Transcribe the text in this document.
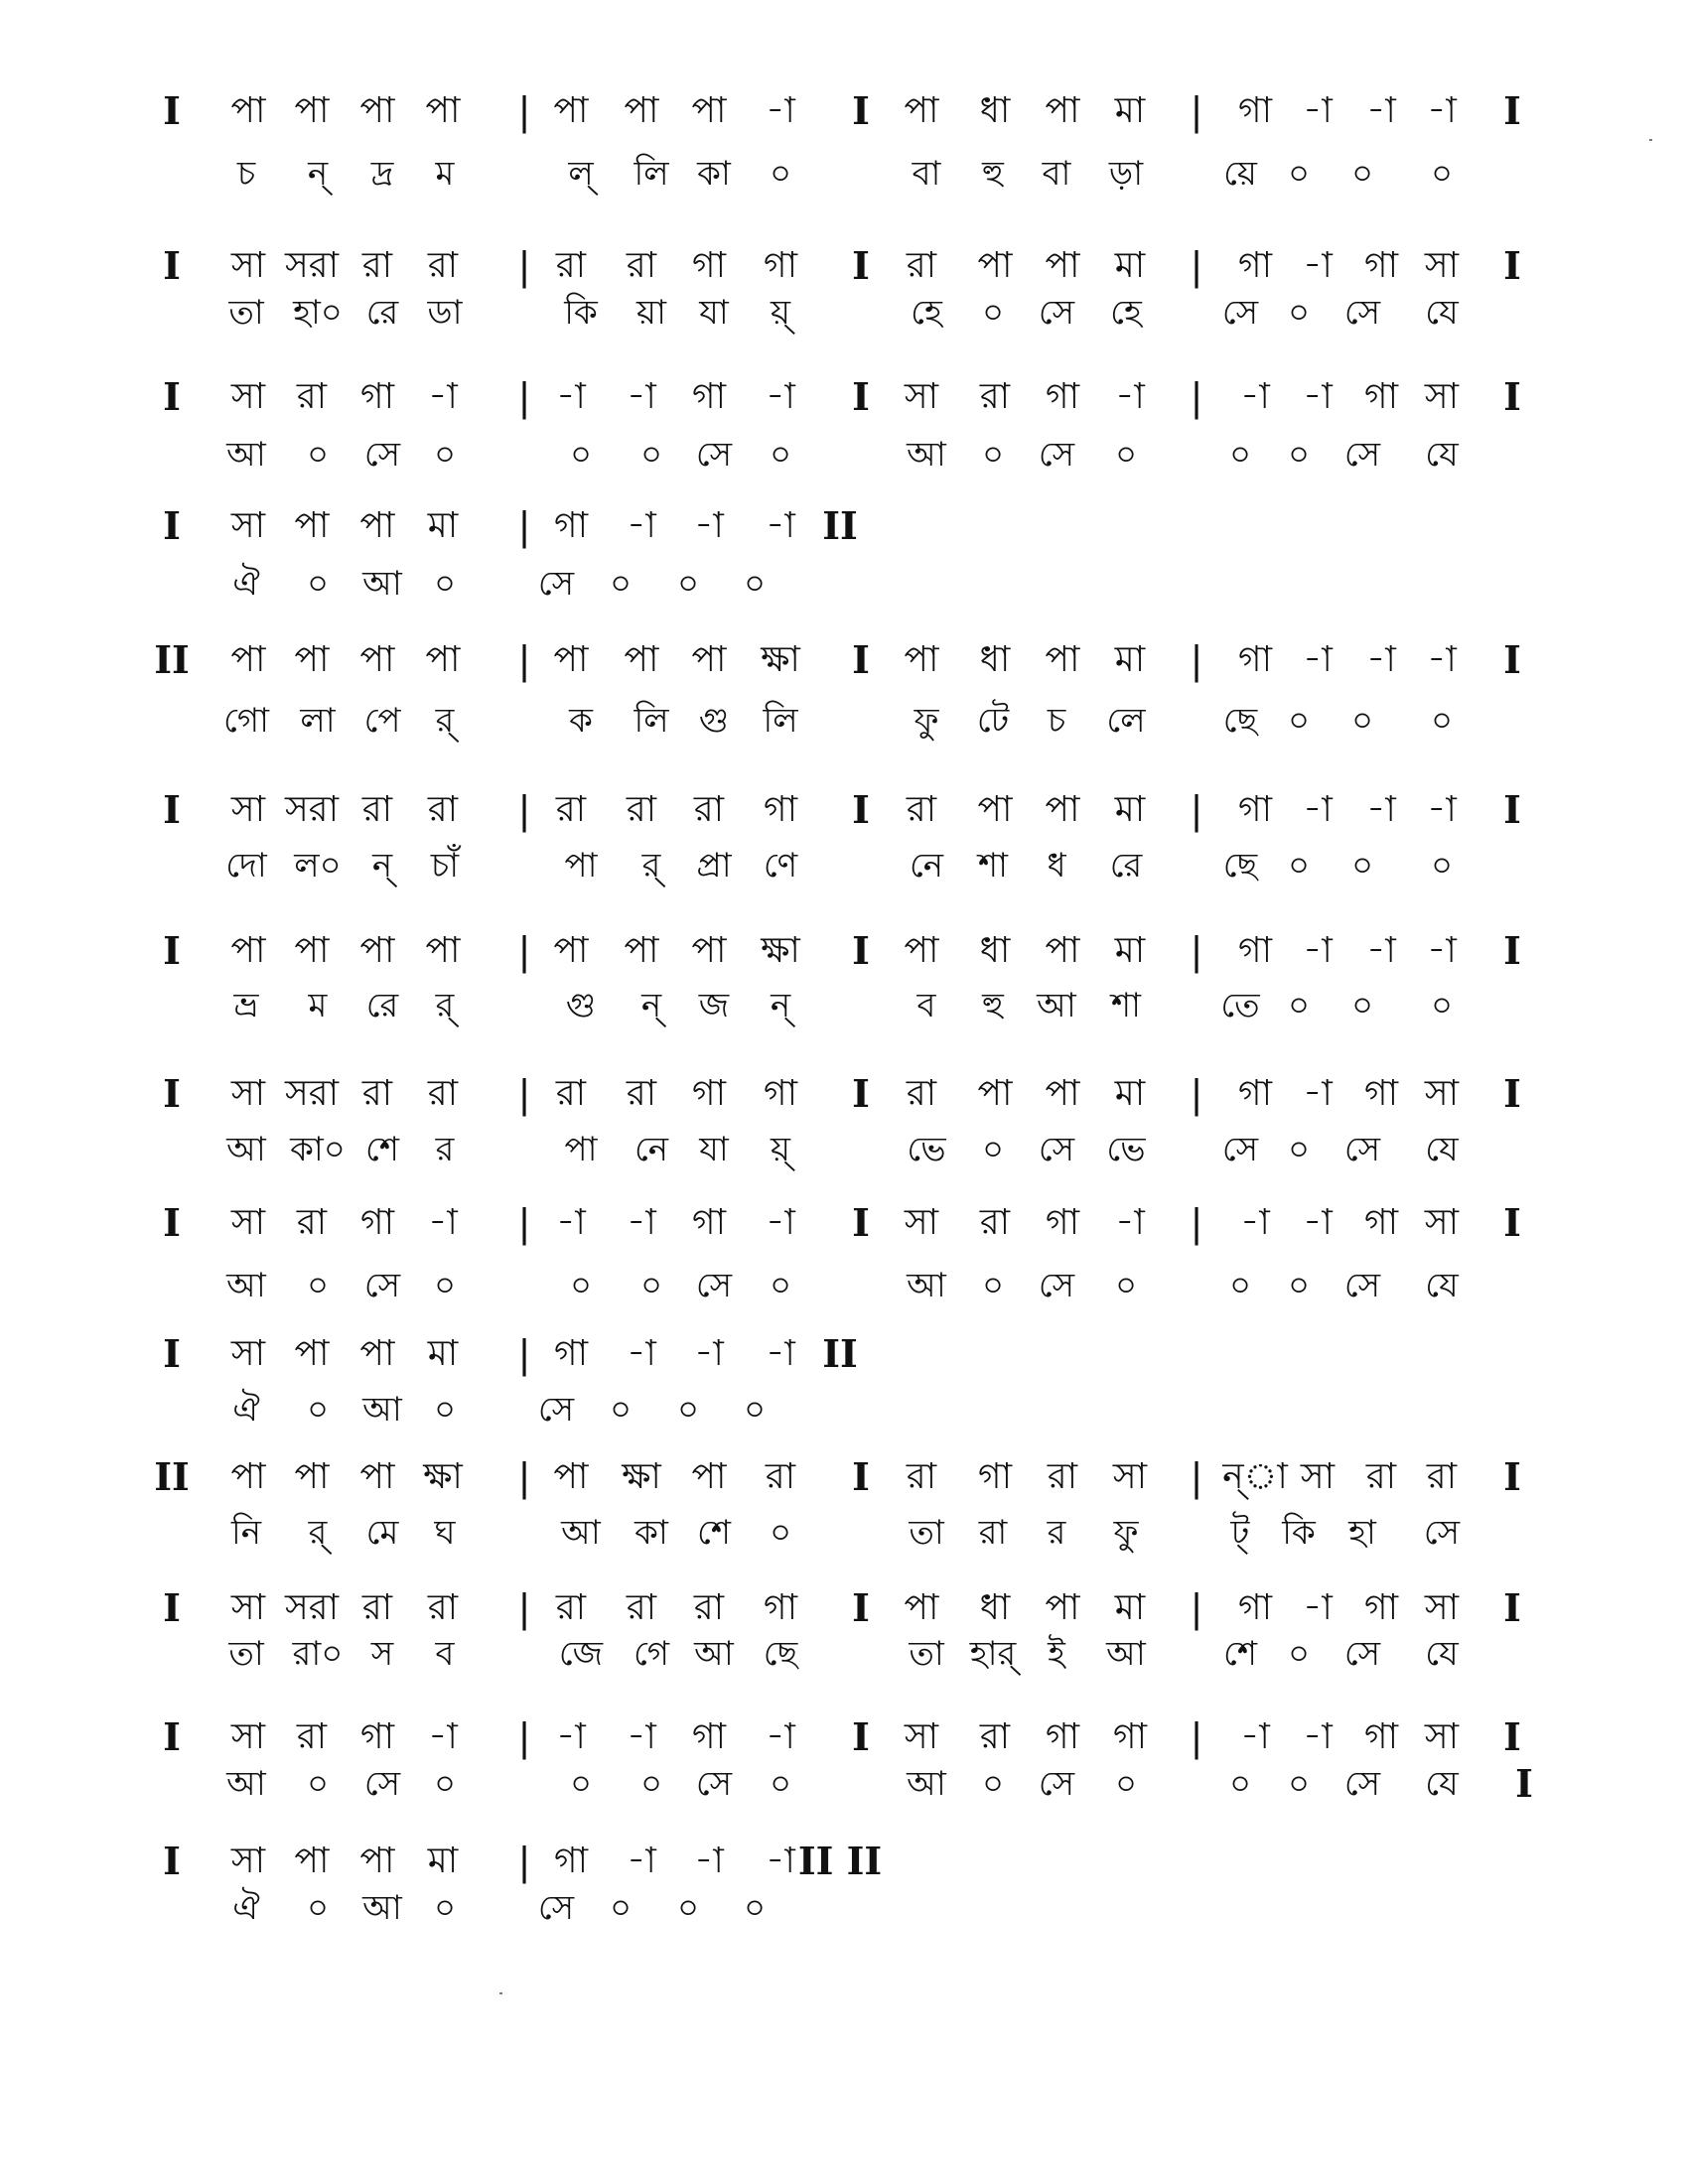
I পা পা পা পা | পা পা পা -া I পা ধা পা মা | গা -া -া -া I
চ ন্ দ্র ম	ল্ লি কা ০	বা হু বা ড়া য়ে ০ ০ ০
I সা সরা রা রা | রা রা গা গা I রা পা পা মা | গা -া গা সা I
তা হা০ রে ডা	কি য়া যা য়্	হে ০ সে হে সে ০ সে যে
I সা রা গা -া | -া -া গা -া I সা রা গা -া | -া -া গা সা I
আ ০ সে ০	০ ০ সে ০	আ ০ সে ০	০ ০ সে যে
I সা পা পা মা | গা -া -া -া II
ঐ ০ আ ০ সে ০ ০ ০
II পা পা পা পা | পা পা পা ক্ষা I পা ধা পা মা | গা -া -া -া I
গো লা পে র্	ক লি গু লি	ফু টে চ লে ছে ০ ০ ০
I সা সরা রা রা | রা রা রা গা I রা পা পা মা | গা -া -া -া I
দো ল০ ন্ চাঁ	পা র্ প্রা ণে	নে শা ধ রে ছে ০ ০ ০
I পা পা পা পা | পা পা পা ক্ষা I পা ধা পা মা | গা -া -া -া I
ভ্র ম রে র্	গু ন্ জ ন্	ব হু আ শা তে ০ ০ ০
I সা সরা রা রা | রা রা গা গা I রা পা পা মা | গা -া গা সা I
আ কা০ শে র	পা নে যা য়্	ভে ০ সে ভে সে ০ সে যে
I সা রা গা -া | -া -া গা -া I সা রা গা -া | -া -া গা সা I
আ ০ সে ০	০ ০ সে ০	আ ০ সে ০	০ ০ সে যে
I সা পা পা মা | গা -া -া -া II
ঐ ০ আ ০ সে ০ ০ ০
II পা পা পা ক্ষা | পা ক্ষা পা রা I রা গা রা সা | ন্া সা রা রা I
নি র্ মে ঘ	আ কা শে ০	তা রা র ফু	ট্ কি হা সে
I সা সরা রা রা | রা রা রা গা I পা ধা পা মা | গা -া গা সা I
তা রা০ স ব	জে গে আ ছে	তা হার্ ই আ শে ০ সে যে
I সা রা গা -া | -া -া গা -া I সা রা গা গা | -া -া গা সা I
আ ০ সে ০	০ ০ সে ০	আ ০ সে ০	০ ০ সে যে I
I সা পা পা মা | গা -া -া -া II II
ঐ ০ আ ০ সে ০ ০ ০
